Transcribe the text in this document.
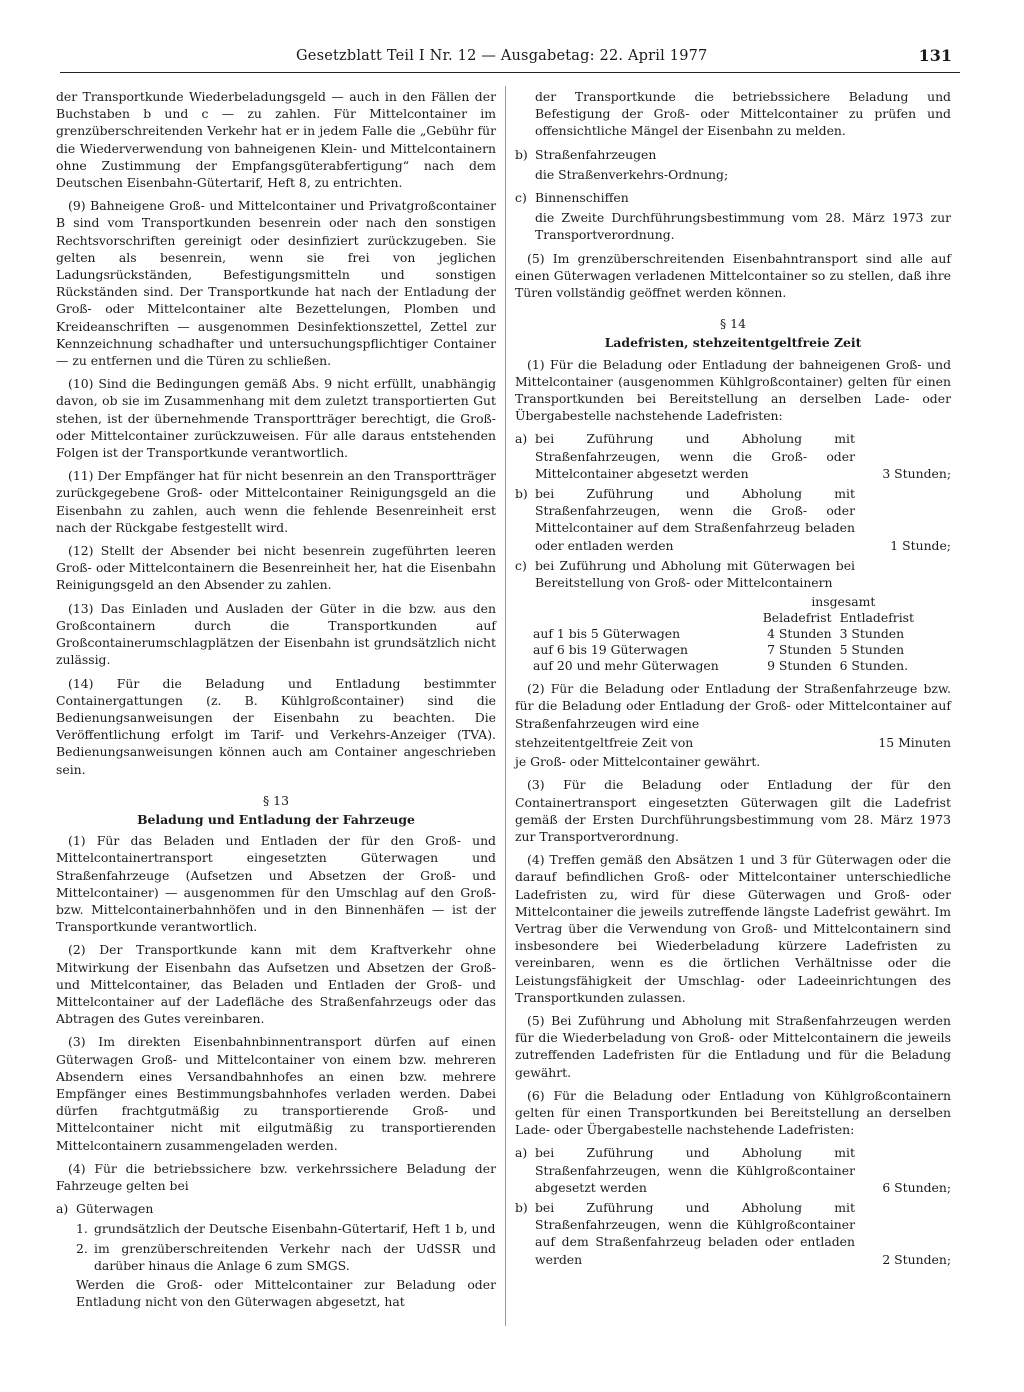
Gesetzblatt Teil I Nr. 12 — Ausgabetag: 22. April 1977	131

der Transportkunde Wiederbeladungsgeld — auch in den Fällen der Buchstaben b und c — zu zahlen. Für Mittelcontainer im grenzüberschreitenden Verkehr hat er in jedem Falle die „Gebühr für die Wiederverwendung von bahneigenen Klein- und Mittelcontainern ohne Zustimmung der Empfangsgüterabfertigung“ nach dem Deutschen Eisenbahn-Gütertarif, Heft 8, zu entrichten.

(9) Bahneigene Groß- und Mittelcontainer und Privatgroßcontainer B sind vom Transportkunden besenrein oder nach den sonstigen Rechtsvorschriften gereinigt oder desinfiziert zurückzugeben. Sie gelten als besenrein, wenn sie frei von jeglichen Ladungsrückständen, Befestigungsmitteln und sonstigen Rückständen sind. Der Transportkunde hat nach der Entladung der Groß- oder Mittelcontainer alte Bezettelungen, Plomben und Kreideanschriften — ausgenommen Desinfektionszettel, Zettel zur Kennzeichnung schadhafter und untersuchungspflichtiger Container — zu entfernen und die Türen zu schließen.

(10) Sind die Bedingungen gemäß Abs. 9 nicht erfüllt, unabhängig davon, ob sie im Zusammenhang mit dem zuletzt transportierten Gut stehen, ist der übernehmende Transportträger berechtigt, die Groß- oder Mittelcontainer zurückzuweisen. Für alle daraus entstehenden Folgen ist der Transportkunde verantwortlich.

(11) Der Empfänger hat für nicht besenrein an den Transportträger zurückgegebene Groß- oder Mittelcontainer Reinigungsgeld an die Eisenbahn zu zahlen, auch wenn die fehlende Besenreinheit erst nach der Rückgabe festgestellt wird.

(12) Stellt der Absender bei nicht besenrein zugeführten leeren Groß- oder Mittelcontainern die Besenreinheit her, hat die Eisenbahn Reinigungsgeld an den Absender zu zahlen.

(13) Das Einladen und Ausladen der Güter in die bzw. aus den Großcontainern durch die Transportkunden auf Großcontainerumschlagplätzen der Eisenbahn ist grundsätzlich nicht zulässig.

(14) Für die Beladung und Entladung bestimmter Containergattungen (z. B. Kühlgroßcontainer) sind die Bedienungsanweisungen der Eisenbahn zu beachten. Die Veröffentlichung erfolgt im Tarif- und Verkehrs-Anzeiger (TVA). Bedienungsanweisungen können auch am Container angeschrieben sein.

§ 13
Beladung und Entladung der Fahrzeuge

(1) Für das Beladen und Entladen der für den Groß- und Mittelcontainertransport eingesetzten Güterwagen und Straßenfahrzeuge (Aufsetzen und Absetzen der Groß- und Mittelcontainer) — ausgenommen für den Umschlag auf den Groß- bzw. Mittelcontainerbahnhöfen und in den Binnenhäfen — ist der Transportkunde verantwortlich.

(2) Der Transportkunde kann mit dem Kraftverkehr ohne Mitwirkung der Eisenbahn das Aufsetzen und Absetzen der Groß- und Mittelcontainer, das Beladen und Entladen der Groß- und Mittelcontainer auf der Ladefläche des Straßenfahrzeugs oder das Abtragen des Gutes vereinbaren.

(3) Im direkten Eisenbahnbinnentransport dürfen auf einen Güterwagen Groß- und Mittelcontainer von einem bzw. mehreren Absendern eines Versandbahnhofes an einen bzw. mehrere Empfänger eines Bestimmungsbahnhofes verladen werden. Dabei dürfen frachtgutmäßig zu transportierende Groß- und Mittelcontainer nicht mit eilgutmäßig zu transportierenden Mittelcontainern zusammengeladen werden.

(4) Für die betriebssichere bzw. verkehrssichere Beladung der Fahrzeuge gelten bei

a) Güterwagen
1. grundsätzlich der Deutsche Eisenbahn-Gütertarif, Heft 1 b, und
2. im grenzüberschreitenden Verkehr nach der UdSSR und darüber hinaus die Anlage 6 zum SMGS.

Werden die Groß- oder Mittelcontainer zur Beladung oder Entladung nicht von den Güterwagen abgesetzt, hat

der Transportkunde die betriebssichere Beladung und Befestigung der Groß- oder Mittelcontainer zu prüfen und offensichtliche Mängel der Eisenbahn zu melden.

b) Straßenfahrzeugen

die Straßenverkehrs-Ordnung;

c) Binnenschiffen

die Zweite Durchführungsbestimmung vom 28. März 1973 zur Transportverordnung.

(5) Im grenzüberschreitenden Eisenbahntransport sind alle auf einen Güterwagen verladenen Mittelcontainer so zu stellen, daß ihre Türen vollständig geöffnet werden können.

§ 14
Ladefristen, stehzeitentgeltfreie Zeit

(1) Für die Beladung oder Entladung der bahneigenen Groß- und Mittelcontainer (ausgenommen Kühlgroßcontainer) gelten für einen Transportkunden bei Bereitstellung an derselben Lade- oder Übergabestelle nachstehende Ladefristen:

a) bei Zuführung und Abholung mit Straßenfahrzeugen, wenn die Groß- oder Mittelcontainer abgesetzt werden	3 Stunden;
b) bei Zuführung und Abholung mit Straßenfahrzeugen, wenn die Groß- oder Mittelcontainer auf dem Straßenfahrzeug beladen oder entladen werden	1 Stunde;
c) bei Zuführung und Abholung mit Güterwagen bei Bereitstellung von Groß- oder Mittelcontainern
	insgesamt	
	Beladefrist	Entladefrist
auf 1 bis 5 Güterwagen	4 Stunden	3 Stunden
auf 6 bis 19 Güterwagen	7 Stunden	5 Stunden
auf 20 und mehr Güterwagen	9 Stunden	6 Stunden.

(2) Für die Beladung oder Entladung der Straßenfahrzeuge bzw. für die Beladung oder Entladung der Groß- oder Mittelcontainer auf Straßenfahrzeugen wird eine

stehzeitentgeltfreie Zeit von	15 Minuten

je Groß- oder Mittelcontainer gewährt.

(3) Für die Beladung oder Entladung der für den Containertransport eingesetzten Güterwagen gilt die Ladefrist gemäß der Ersten Durchführungsbestimmung vom 28. März 1973 zur Transportverordnung.

(4) Treffen gemäß den Absätzen 1 und 3 für Güterwagen oder die darauf befindlichen Groß- oder Mittelcontainer unterschiedliche Ladefristen zu, wird für diese Güterwagen und Groß- oder Mittelcontainer die jeweils zutreffende längste Ladefrist gewährt. Im Vertrag über die Verwendung von Groß- und Mittelcontainern sind insbesondere bei Wiederbeladung kürzere Ladefristen zu vereinbaren, wenn es die örtlichen Verhältnisse oder die Leistungsfähigkeit der Umschlag- oder Ladeeinrichtungen des Transportkunden zulassen.

(5) Bei Zuführung und Abholung mit Straßenfahrzeugen werden für die Wiederbeladung von Groß- oder Mittelcontainern die jeweils zutreffenden Ladefristen für die Entladung und für die Beladung gewährt.

(6) Für die Beladung oder Entladung von Kühlgroßcontainern gelten für einen Transportkunden bei Bereitstellung an derselben Lade- oder Übergabestelle nachstehende Ladefristen:

a) bei Zuführung und Abholung mit Straßenfahrzeugen, wenn die Kühlgroßcontainer abgesetzt werden	6 Stunden;
b) bei Zuführung und Abholung mit Straßenfahrzeugen, wenn die Kühlgroßcontainer auf dem Straßenfahrzeug beladen oder entladen werden	2 Stunden;
